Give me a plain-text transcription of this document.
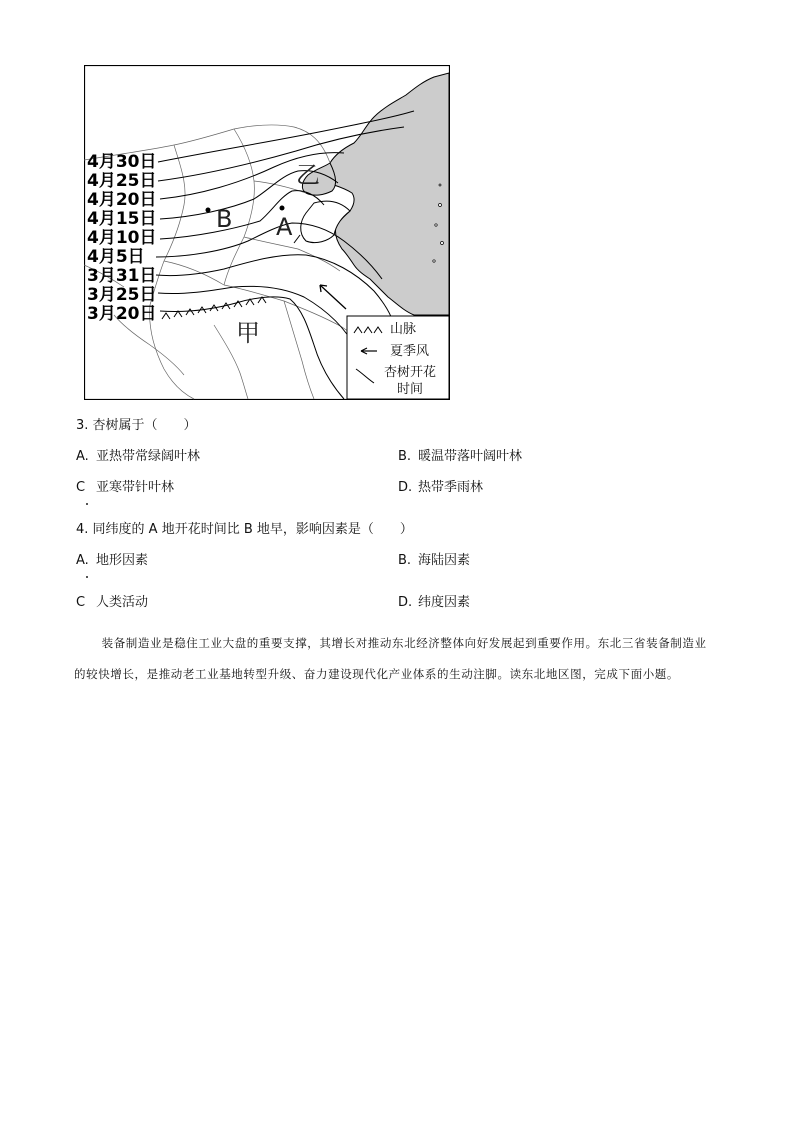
B A
甲
乙
4月30日
4月25日
4月20日
4月15日
4月10日
4月5日
3月31日
3月25日
3月20日
山脉
夏季风
杏树开花
时间
3. 杏树属于（　　）
A. 亚热带常绿阔叶林	B. 暖温带落叶阔叶林
C 亚寒带针叶林	D. 热带季雨林
4. 同纬度的 A 地开花时间比 B 地早，影响因素是（　　）
A. 地形因素	B. 海陆因素
C 人类活动	D. 纬度因素

装备制造业是稳住工业大盘的重要支撑，其增长对推动东北经济整体向好发展起到重要作用。东北三省装备制造业的较快增长，是推动老工业基地转型升级、奋力建设现代化产业体系的生动注脚。读东北地区图，完成下面小题。
